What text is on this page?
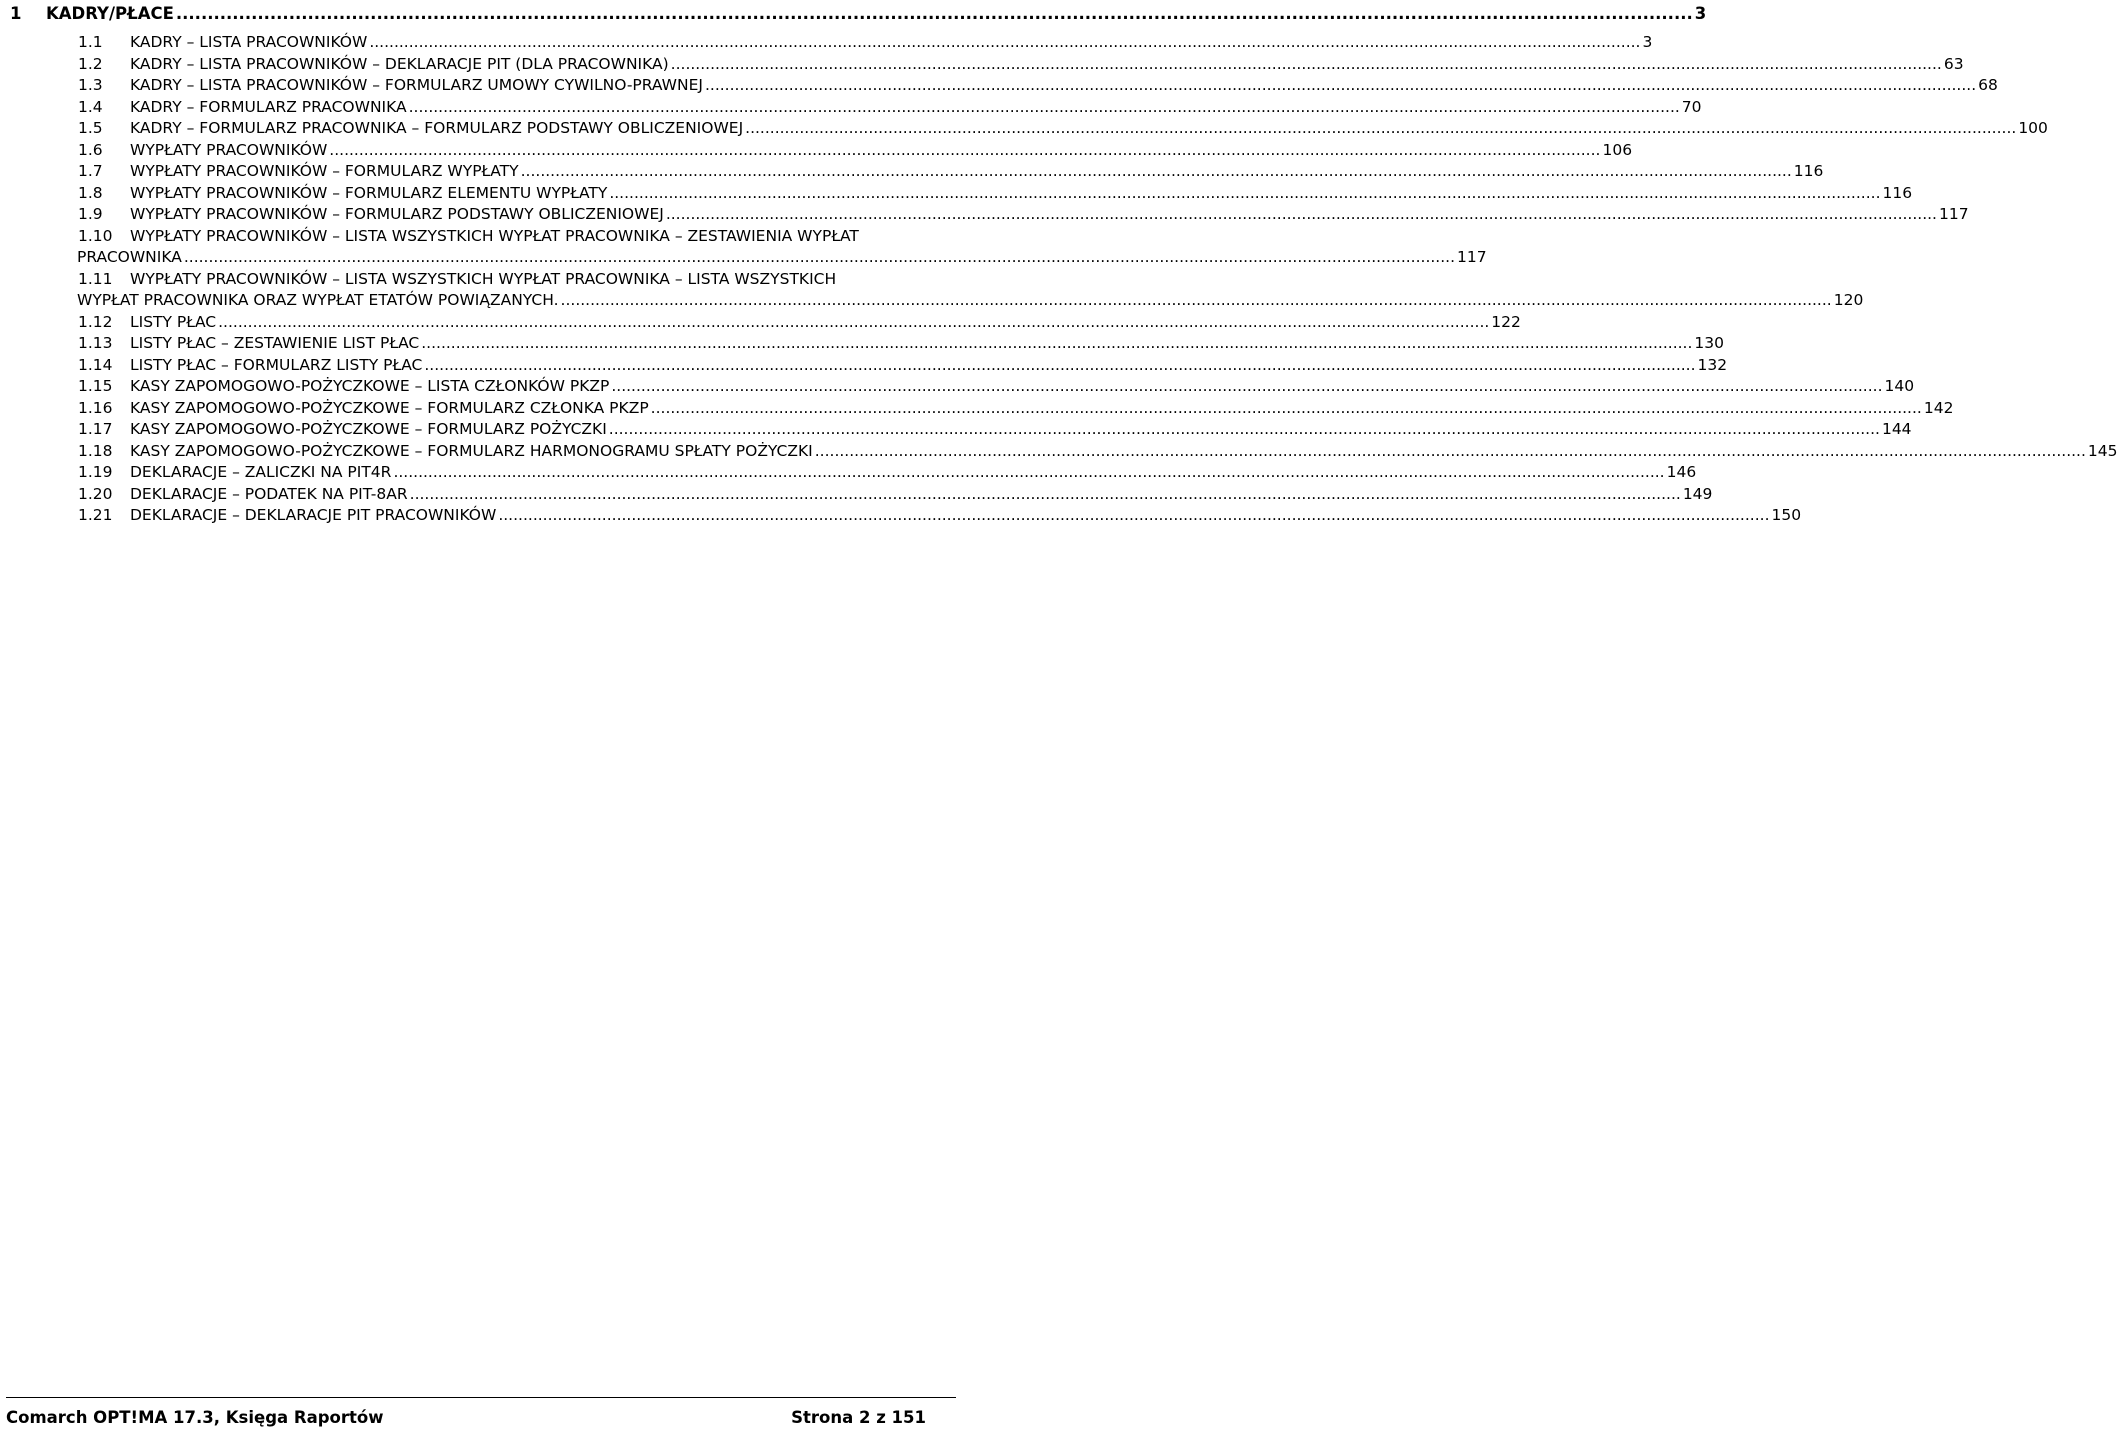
1	KADRY/PŁACE .................................................................................................................................................................................................................................................. 3
1.1	KADRY – LISTA PRACOWNIKÓW .....	3
1.2	KADRY – LISTA PRACOWNIKÓW – DEKLARACJE PIT (DLA PRACOWNIKA) .....	63
1.3	KADRY – LISTA PRACOWNIKÓW – FORMULARZ UMOWY CYWILNO-PRAWNEJ .....	68
1.4	KADRY – FORMULARZ PRACOWNIKA .....	70
1.5	KADRY – FORMULARZ PRACOWNIKA – FORMULARZ PODSTAWY OBLICZENIOWEJ .....	100
1.6	WYPŁATY PRACOWNIKÓW .....	106
1.7	WYPŁATY PRACOWNIKÓW – FORMULARZ WYPŁATY .....	116
1.8	WYPŁATY PRACOWNIKÓW – FORMULARZ ELEMENTU WYPŁATY .....	116
1.9	WYPŁATY PRACOWNIKÓW – FORMULARZ PODSTAWY OBLICZENIOWEJ .....	117
1.10	WYPŁATY PRACOWNIKÓW – LISTA WSZYSTKICH WYPŁAT PRACOWNIKA – ZESTAWIENIA WYPŁAT
PRACOWNIKA .....	117
1.11	WYPŁATY PRACOWNIKÓW – LISTA WSZYSTKICH WYPŁAT PRACOWNIKA – LISTA WSZYSTKICH
WYPŁAT PRACOWNIKA ORAZ WYPŁAT ETATÓW POWIĄZANYCH. .....	120
1.12	LISTY PŁAC .....	122
1.13	LISTY PŁAC – ZESTAWIENIE LIST PŁAC .....	130
1.14	LISTY PŁAC – FORMULARZ LISTY PŁAC .....	132
1.15	KASY ZAPOMOGOWO-POŻYCZKOWE – LISTA CZŁONKÓW PKZP .....	140
1.16	KASY ZAPOMOGOWO-POŻYCZKOWE – FORMULARZ CZŁONKA PKZP .....	142
1.17	KASY ZAPOMOGOWO-POŻYCZKOWE – FORMULARZ POŻYCZKI .....	144
1.18	KASY ZAPOMOGOWO-POŻYCZKOWE – FORMULARZ HARMONOGRAMU SPŁATY POŻYCZKI .....	145
1.19	DEKLARACJE – ZALICZKI NA PIT4R .....	146
1.20	DEKLARACJE – PODATEK NA PIT-8AR .....	149
1.21	DEKLARACJE – DEKLARACJE PIT PRACOWNIKÓW .....	150
Comarch OPT!MA 17.3, Księga Raportów	Strona 2 z 151
